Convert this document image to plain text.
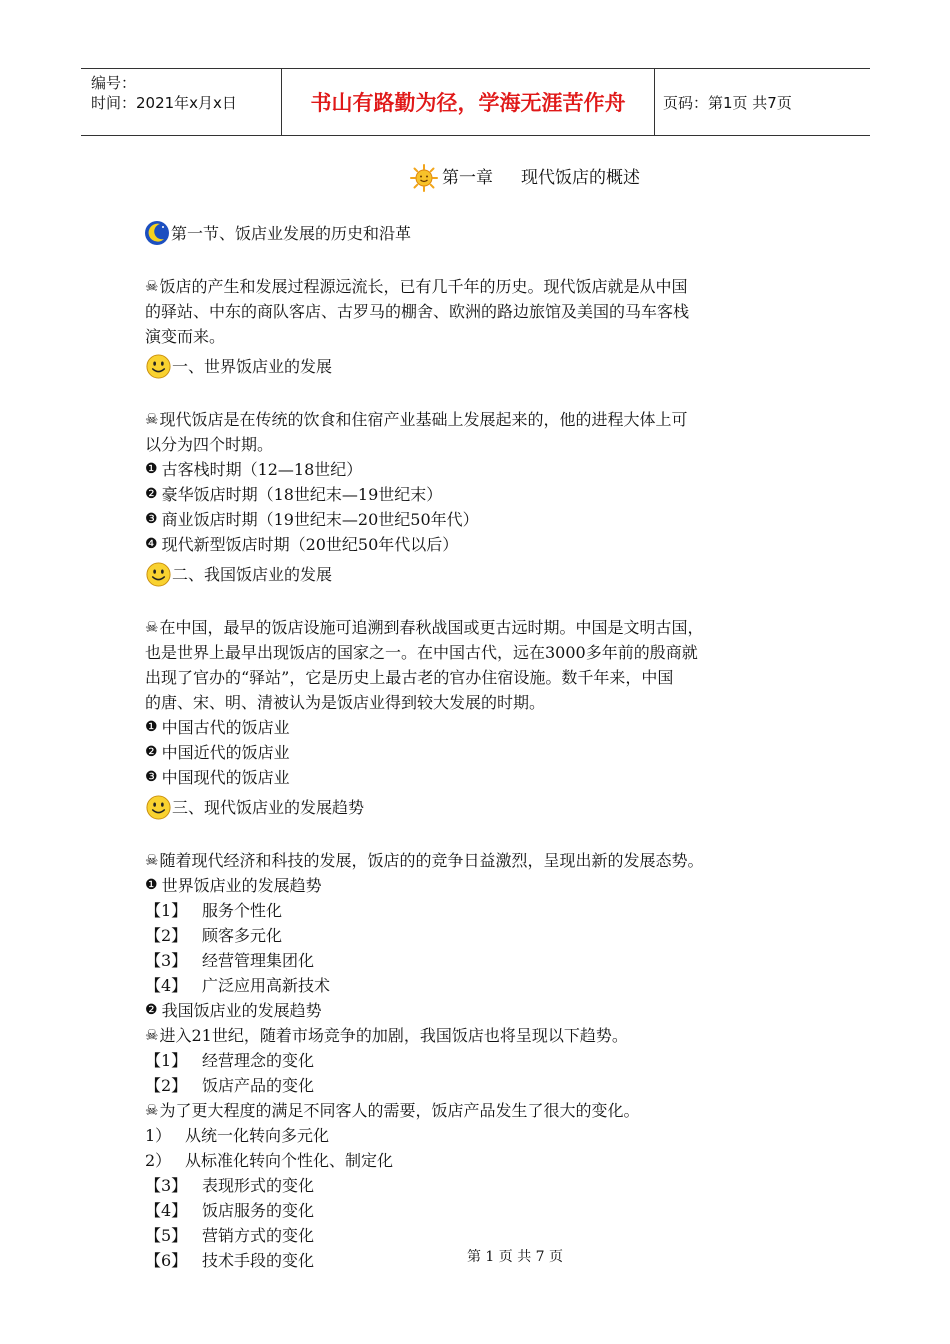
编号：
时间：2021年x月x日	书山有路勤为径，学海无涯苦作舟	页码：第1页 共7页
第一章 现代饭店的概述
第一节、饭店业发展的历史和沿革
☠ 饭店的产生和发展过程源远流长，已有几千年的历史。现代饭店就是从中国
的驿站、中东的商队客店、古罗马的棚舍、欧洲的路边旅馆及美国的马车客栈
演变而来。
一、世界饭店业的发展
☠ 现代饭店是在传统的饮食和住宿产业基础上发展起来的，他的进程大体上可
以分为四个时期。
❶ 古客栈时期（12—18世纪）
❷ 豪华饭店时期（18世纪末—19世纪末）
❸ 商业饭店时期（19世纪末—20世纪50年代）
❹ 现代新型饭店时期（20世纪50年代以后）
二、我国饭店业的发展
☠ 在中国，最早的饭店设施可追溯到春秋战国或更古远时期。中国是文明古国，
也是世界上最早出现饭店的国家之一。在中国古代，远在3000多年前的殷商就
出现了官办的“驿站”，它是历史上最古老的官办住宿设施。数千年来，中国
的唐、宋、明、清被认为是饭店业得到较大发展的时期。
❶ 中国古代的饭店业
❷ 中国近代的饭店业
❸ 中国现代的饭店业
三、现代饭店业的发展趋势
☠ 随着现代经济和科技的发展，饭店的的竞争日益激烈，呈现出新的发展态势。
❶ 世界饭店业的发展趋势
【1】 服务个性化
【2】 顾客多元化
【3】 经营管理集团化
【4】 广泛应用高新技术
❷ 我国饭店业的发展趋势
☠ 进入21世纪，随着市场竞争的加剧，我国饭店也将呈现以下趋势。
【1】 经营理念的变化
【2】 饭店产品的变化
☠ 为了更大程度的满足不同客人的需要，饭店产品发生了很大的变化。
1） 从统一化转向多元化
2） 从标准化转向个性化、制定化
【3】 表现形式的变化
【4】 饭店服务的变化
【5】 营销方式的变化
【6】 技术手段的变化	第 1 页 共 7 页
